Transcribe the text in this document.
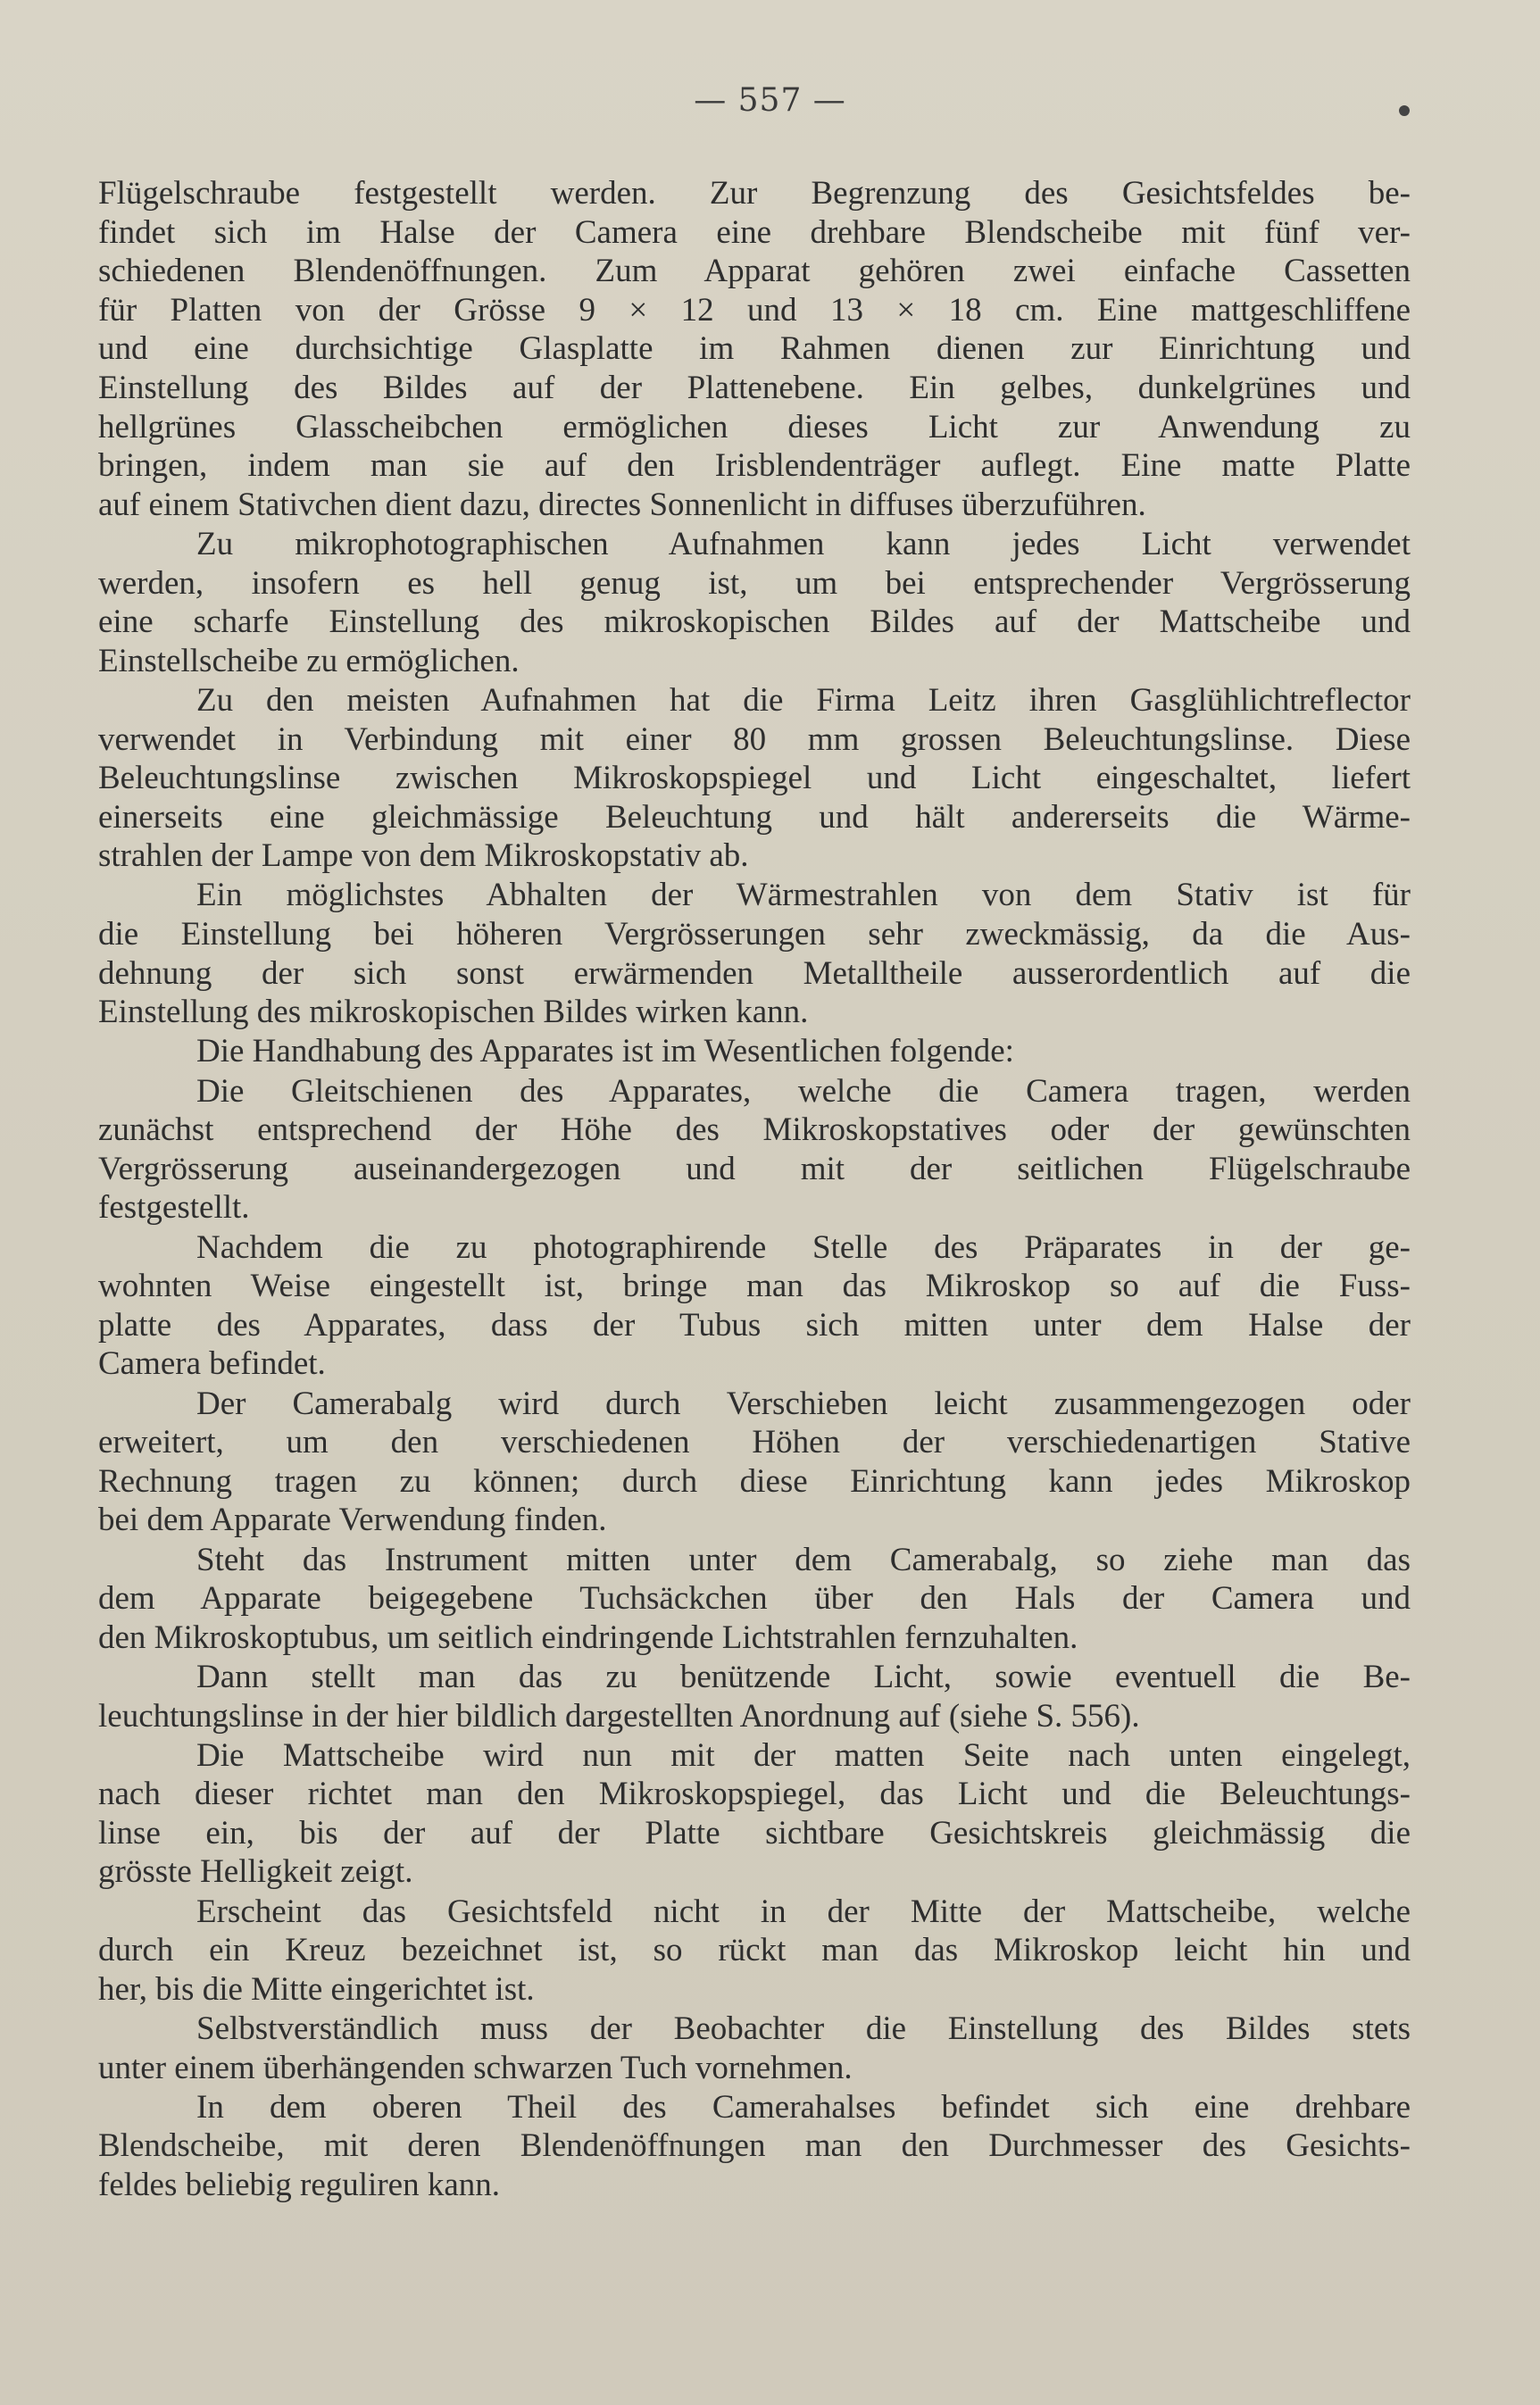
— 557 —
Flügelschraube festgestellt werden. Zur Begrenzung des Gesichtsfeldes be-
findet sich im Halse der Camera eine drehbare Blendscheibe mit fünf ver-
schiedenen Blendenöffnungen. Zum Apparat gehören zwei einfache Cassetten
für Platten von der Grösse 9 × 12 und 13 × 18 cm. Eine mattgeschliffene
und eine durchsichtige Glasplatte im Rahmen dienen zur Einrichtung und
Einstellung des Bildes auf der Plattenebene. Ein gelbes, dunkelgrünes und
hellgrünes Glasscheibchen ermöglichen dieses Licht zur Anwendung zu
bringen, indem man sie auf den Irisblendenträger auflegt. Eine matte Platte
auf einem Stativchen dient dazu, directes Sonnenlicht in diffuses überzuführen.
Zu mikrophotographischen Aufnahmen kann jedes Licht verwendet
werden, insofern es hell genug ist, um bei entsprechender Vergrösserung
eine scharfe Einstellung des mikroskopischen Bildes auf der Mattscheibe und
Einstellscheibe zu ermöglichen.
Zu den meisten Aufnahmen hat die Firma Leitz ihren Gasglühlichtreflector
verwendet in Verbindung mit einer 80 mm grossen Beleuchtungslinse. Diese
Beleuchtungslinse zwischen Mikroskopspiegel und Licht eingeschaltet, liefert
einerseits eine gleichmässige Beleuchtung und hält andererseits die Wärme-
strahlen der Lampe von dem Mikroskopstativ ab.
Ein möglichstes Abhalten der Wärmestrahlen von dem Stativ ist für
die Einstellung bei höheren Vergrösserungen sehr zweckmässig, da die Aus-
dehnung der sich sonst erwärmenden Metalltheile ausserordentlich auf die
Einstellung des mikroskopischen Bildes wirken kann.
Die Handhabung des Apparates ist im Wesentlichen folgende:
Die Gleitschienen des Apparates, welche die Camera tragen, werden
zunächst entsprechend der Höhe des Mikroskopstatives oder der gewünschten
Vergrösserung auseinandergezogen und mit der seitlichen Flügelschraube
festgestellt.
Nachdem die zu photographirende Stelle des Präparates in der ge-
wohnten Weise eingestellt ist, bringe man das Mikroskop so auf die Fuss-
platte des Apparates, dass der Tubus sich mitten unter dem Halse der
Camera befindet.
Der Camerabalg wird durch Verschieben leicht zusammengezogen oder
erweitert, um den verschiedenen Höhen der verschiedenartigen Stative
Rechnung tragen zu können; durch diese Einrichtung kann jedes Mikroskop
bei dem Apparate Verwendung finden.
Steht das Instrument mitten unter dem Camerabalg, so ziehe man das
dem Apparate beigegebene Tuchsäckchen über den Hals der Camera und
den Mikroskoptubus, um seitlich eindringende Lichtstrahlen fernzuhalten.
Dann stellt man das zu benützende Licht, sowie eventuell die Be-
leuchtungslinse in der hier bildlich dargestellten Anordnung auf (siehe S. 556).
Die Mattscheibe wird nun mit der matten Seite nach unten eingelegt,
nach dieser richtet man den Mikroskopspiegel, das Licht und die Beleuchtungs-
linse ein, bis der auf der Platte sichtbare Gesichtskreis gleichmässig die
grösste Helligkeit zeigt.
Erscheint das Gesichtsfeld nicht in der Mitte der Mattscheibe, welche
durch ein Kreuz bezeichnet ist, so rückt man das Mikroskop leicht hin und
her, bis die Mitte eingerichtet ist.
Selbstverständlich muss der Beobachter die Einstellung des Bildes stets
unter einem überhängenden schwarzen Tuch vornehmen.
In dem oberen Theil des Camerahalses befindet sich eine drehbare
Blendscheibe, mit deren Blendenöffnungen man den Durchmesser des Gesichts-
feldes beliebig reguliren kann.
